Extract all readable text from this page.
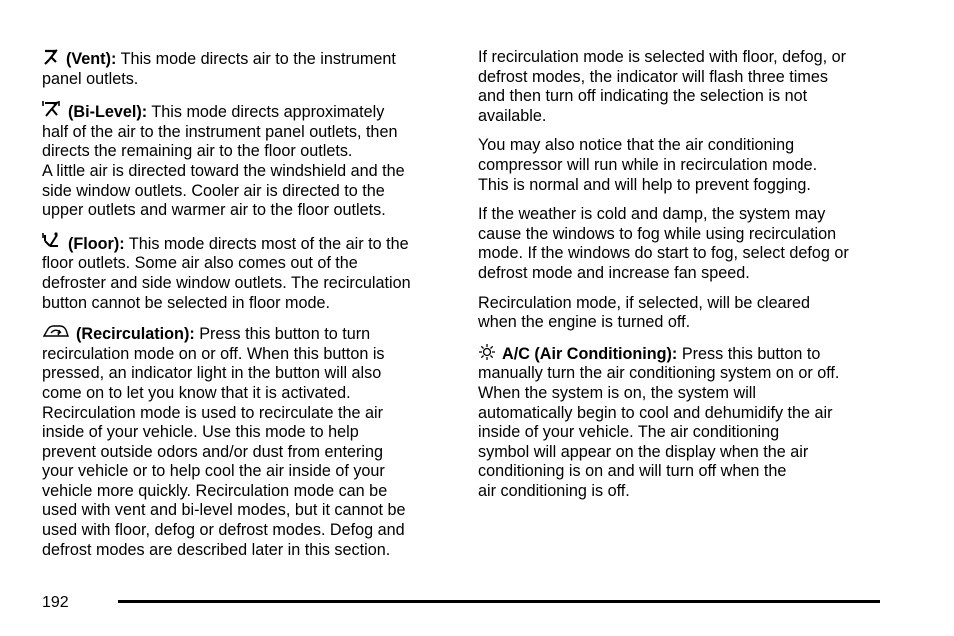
(Vent): This mode directs air to the instrument
panel outlets.

(Bi-Level): This mode directs approximately
half of the air to the instrument panel outlets, then
directs the remaining air to the floor outlets.
A little air is directed toward the windshield and the
side window outlets. Cooler air is directed to the
upper outlets and warmer air to the floor outlets.

(Floor): This mode directs most of the air to the
floor outlets. Some air also comes out of the
defroster and side window outlets. The recirculation
button cannot be selected in floor mode.

(Recirculation): Press this button to turn
recirculation mode on or off. When this button is
pressed, an indicator light in the button will also
come on to let you know that it is activated.
Recirculation mode is used to recirculate the air
inside of your vehicle. Use this mode to help
prevent outside odors and/or dust from entering
your vehicle or to help cool the air inside of your
vehicle more quickly. Recirculation mode can be
used with vent and bi-level modes, but it cannot be
used with floor, defog or defrost modes. Defog and
defrost modes are described later in this section.

If recirculation mode is selected with floor, defog, or
defrost modes, the indicator will flash three times
and then turn off indicating the selection is not
available.

You may also notice that the air conditioning
compressor will run while in recirculation mode.
This is normal and will help to prevent fogging.

If the weather is cold and damp, the system may
cause the windows to fog while using recirculation
mode. If the windows do start to fog, select defog or
defrost mode and increase fan speed.

Recirculation mode, if selected, will be cleared
when the engine is turned off.

A/C (Air Conditioning): Press this button to
manually turn the air conditioning system on or off.
When the system is on, the system will
automatically begin to cool and dehumidify the air
inside of your vehicle. The air conditioning
symbol will appear on the display when the air
conditioning is on and will turn off when the
air conditioning is off.

192
